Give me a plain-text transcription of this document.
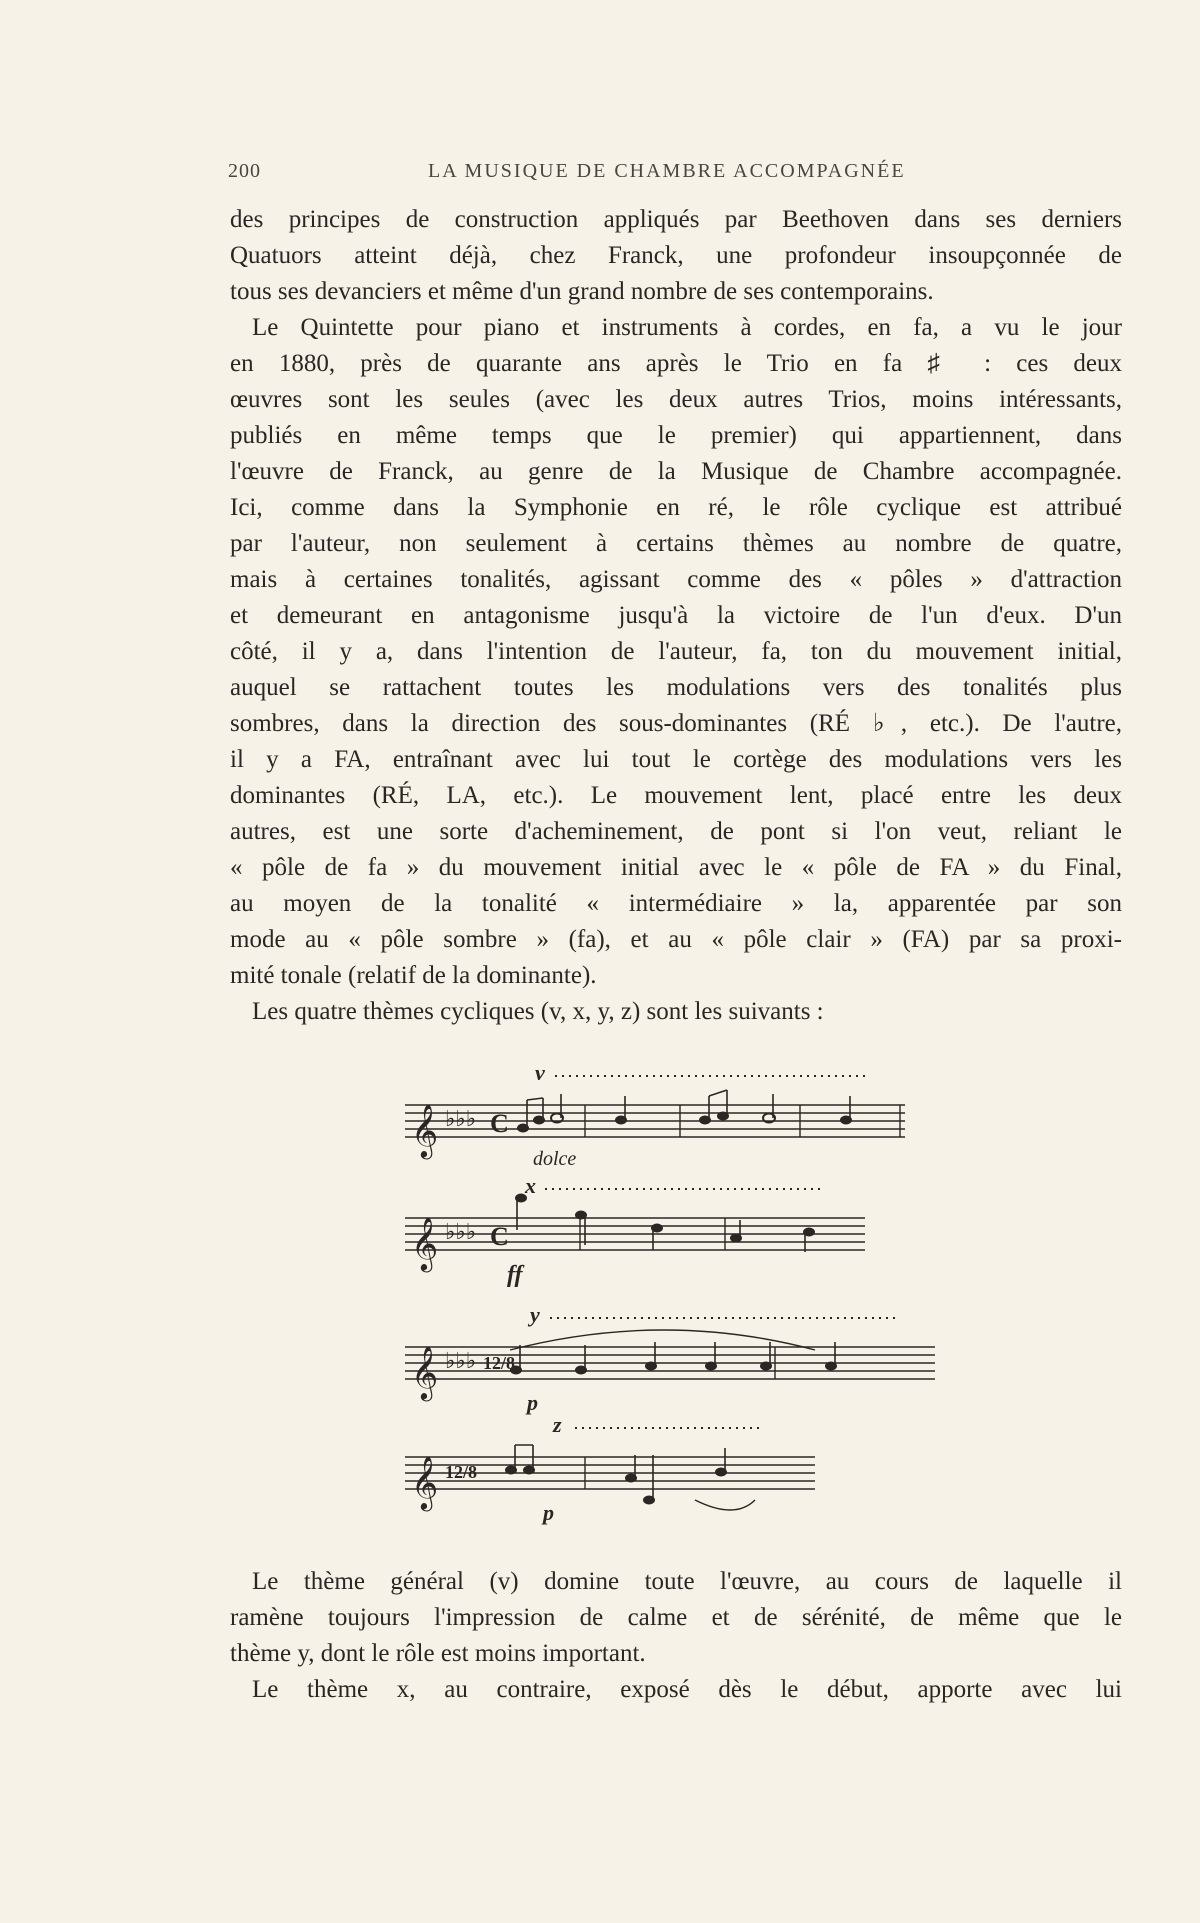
200	LA MUSIQUE DE CHAMBRE ACCOMPAGNÉE

des principes de construction appliqués par Beethoven dans ses derniers

Quatuors atteint déjà, chez Franck, une profondeur insoupçonnée de

tous ses devanciers et même d'un grand nombre de ses contemporains.

Le Quintette pour piano et instruments à cordes, en fa, a vu le jour

en 1880, près de quarante ans après le Trio en fa ♯ : ces deux

œuvres sont les seules (avec les deux autres Trios, moins intéressants,

publiés en même temps que le premier) qui appartiennent, dans

l'œuvre de Franck, au genre de la Musique de Chambre accompagnée.

Ici, comme dans la Symphonie en ré, le rôle cyclique est attribué

par l'auteur, non seulement à certains thèmes au nombre de quatre,

mais à certaines tonalités, agissant comme des « pôles » d'attraction

et demeurant en antagonisme jusqu'à la victoire de l'un d'eux. D'un

côté, il y a, dans l'intention de l'auteur, fa, ton du mouvement initial,

auquel se rattachent toutes les modulations vers des tonalités plus

sombres, dans la direction des sous-dominantes (RÉ ♭, etc.). De l'autre,

il y a FA, entraînant avec lui tout le cortège des modulations vers les

dominantes (RÉ, LA, etc.). Le mouvement lent, placé entre les deux

autres, est une sorte d'acheminement, de pont si l'on veut, reliant le

« pôle de fa » du mouvement initial avec le « pôle de FA » du Final,

au moyen de la tonalité « intermédiaire » la, apparentée par son

mode au « pôle sombre » (fa), et au « pôle clair » (FA) par sa proxi-

mité tonale (relatif de la dominante).

Les quatre thèmes cycliques (v, x, y, z) sont les suivants :

𝄞
𝄞
𝄞
𝄞
♭♭♭
♭♭♭
♭♭♭
C
C
12/8
12/8
v
x
y
z
dolce
ff
p
p

Le thème général (v) domine toute l'œuvre, au cours de laquelle il

ramène toujours l'impression de calme et de sérénité, de même que le

thème y, dont le rôle est moins important.

Le thème x, au contraire, exposé dès le début, apporte avec lui
